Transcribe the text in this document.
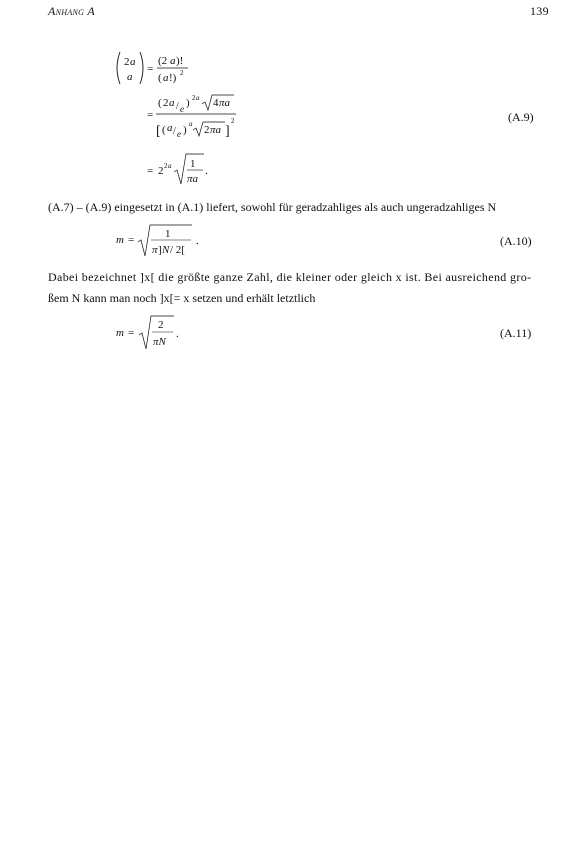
Anhang A	139
2 a
a
=
(2 a )!
( a !) 2
=
( 2 a / e ) 2 a 4 πa
[ ( a / e ) a 2 πa ]
2
= 2 2 a 1
πa
.
(A.9)
(A.7) – (A.9) eingesetzt in (A.1) liefert, sowohl für geradzahliges als auch ungeradzahliges N
m =	1
π ] N / 2[
.	(A.10)
Dabei bezeichnet ]x[ die größte ganze Zahl, die kleiner oder gleich x ist. Bei ausreichend gro-
ßem N kann man noch ]x[= x setzen und erhält letztlich
m =
2
πN
.	(A.11)
